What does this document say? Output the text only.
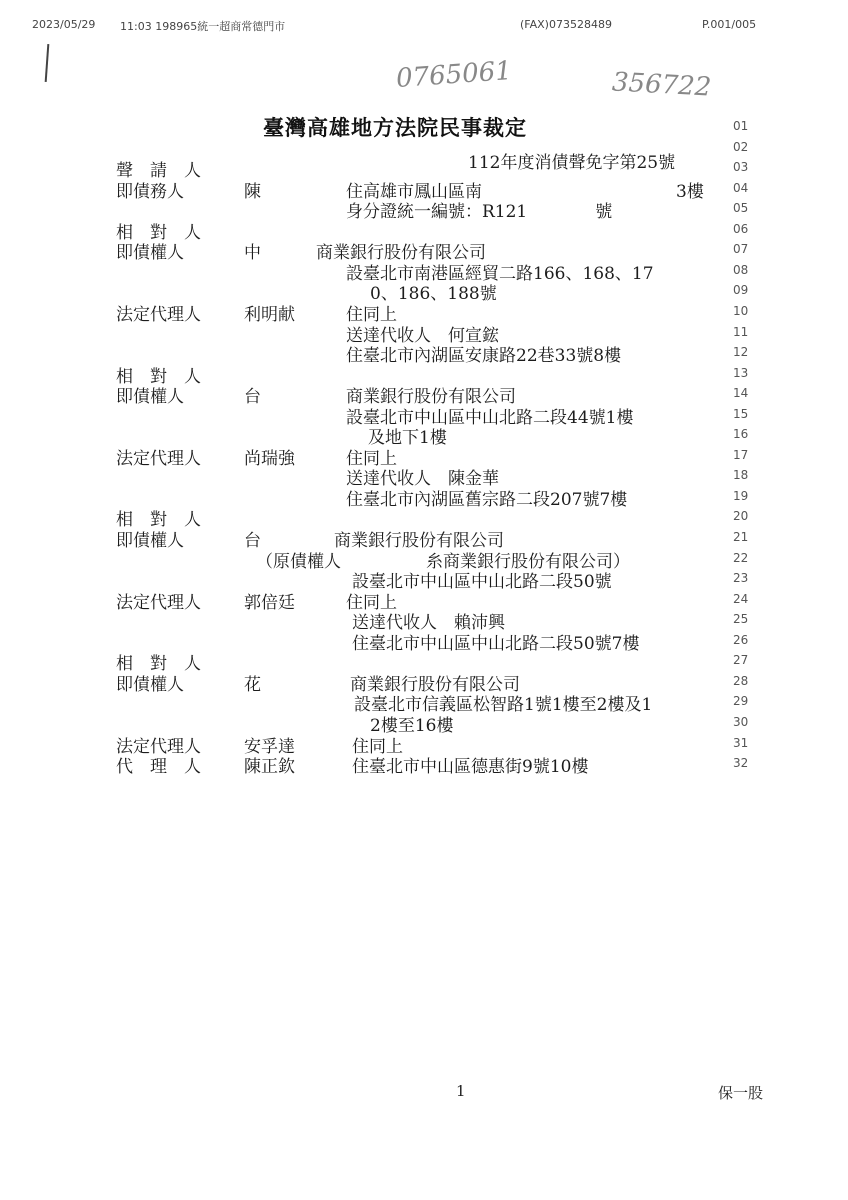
2023/05/29 11:03 198965統一超商常德門市	(FAX)073528489	P.001/005
0765061	356722
臺灣高雄地方法院民事裁定
112年度消債聲免字第25號
01
02
03
聲　請　人
04
即債務人	陳	住高雄市鳳山區南	3樓
05
身分證統一編號：R121　　　　號
06
相　對　人
07
即債權人	中	商業銀行股份有限公司
08
設臺北市南港區經貿二路166、168、17
09
0、186、188號
10
法定代理人	利明献	住同上
11
送達代收人　何宣鋐
12
住臺北市內湖區安康路22巷33號8樓
13
相　對　人
14
即債權人	台	商業銀行股份有限公司
15
設臺北市中山區中山北路二段44號1樓
16
及地下1樓
17
法定代理人	尚瑞強	住同上
18
送達代收人　陳金華
19
住臺北市內湖區舊宗路二段207號7樓
20
相　對　人
21
即債權人	台	商業銀行股份有限公司
22
（原債權人　　　　　糸商業銀行股份有限公司）
23
設臺北市中山區中山北路二段50號
24
法定代理人	郭倍廷	住同上
25
送達代收人　賴沛興
26
住臺北市中山區中山北路二段50號7樓
27
相　對　人
28
即債權人	花	商業銀行股份有限公司
29
設臺北市信義區松智路1號1樓至2樓及1
30
2樓至16樓
31
法定代理人	安孚達	住同上
32
代　理　人	陳正欽	住臺北市中山區德惠街9號10樓
1	保一股
